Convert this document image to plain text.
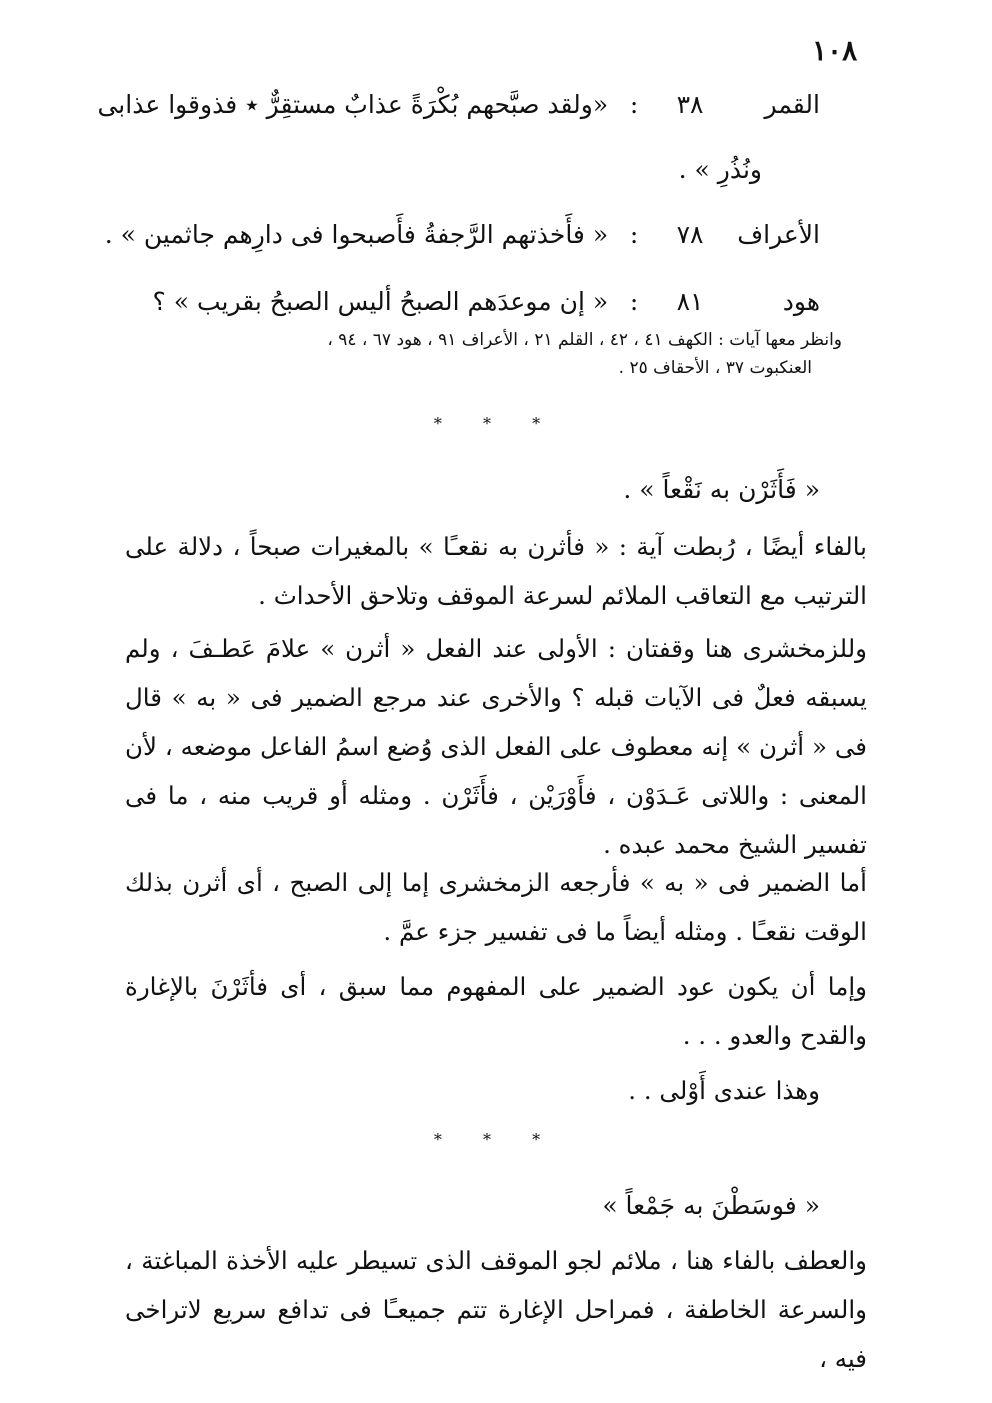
١٠٨
القمر ٣٨ : «ولقد صبَّحهم بُكْرَةً عذابٌ مستقِرٌّ ٭ فذوقوا عذابى
ونُذُرِ » .
الأعراف ٧٨ : « فأَخذتهم الرَّجفةُ فأَصبحوا فى دارِهم جاثمين » .
هود ٨١ : « إن موعدَهم الصبحُ أليس الصبحُ بقريب » ؟
وانظر معها آيات : الكهف ٤١ ، ٤٢ ، القلم ٢١ ، الأعراف ٩١ ، هود ٦٧ ، ٩٤ ،
العنكبوت ٣٧ ، الأحقاف ٢٥ .
* * *
« فَأَثَرْن به نَقْعاً » .
بالفاء أيضًا ، رُبطت آية : « فأثرن به نقعـًا » بالمغيرات صبحاً ، دلالة على الترتيب مع التعاقب الملائم لسرعة الموقف وتلاحق الأحداث .
وللزمخشرى هنا وقفتان : الأولى عند الفعل « أثرن » علامَ عَطـفَ ، ولم يسبقه فعلٌ فى الآيات قبله ؟ والأخرى عند مرجع الضمير فى « به » قال فى « أثرن » إنه معطوف على الفعل الذى وُضع اسمُ الفاعل موضعه ، لأن المعنى : واللاتى عَـدَوْن ، فأَوْرَيْن ، فأَثَرْن . ومثله أو قريب منه ، ما فى تفسير الشيخ محمد عبده .
أما الضمير فى « به » فأرجعه الزمخشرى إما إلى الصبح ، أى أثرن بذلك الوقت نقعـًا . ومثله أيضاً ما فى تفسير جزء عمَّ .
وإما أن يكون عود الضمير على المفهوم مما سبق ، أى فأثَرْنَ بالإغارة والقدح والعدو . . .
وهذا عندى أَوْلى . .
* * *
« فوسَطْنَ به جَمْعاً »
والعطف بالفاء هنا ، ملائم لجو الموقف الذى تسيطر عليه الأخذة المباغتة ، والسرعة الخاطفة ، فمراحل الإغارة تتم جميعـًا فى تدافع سريع لاتراخى فيه ،
